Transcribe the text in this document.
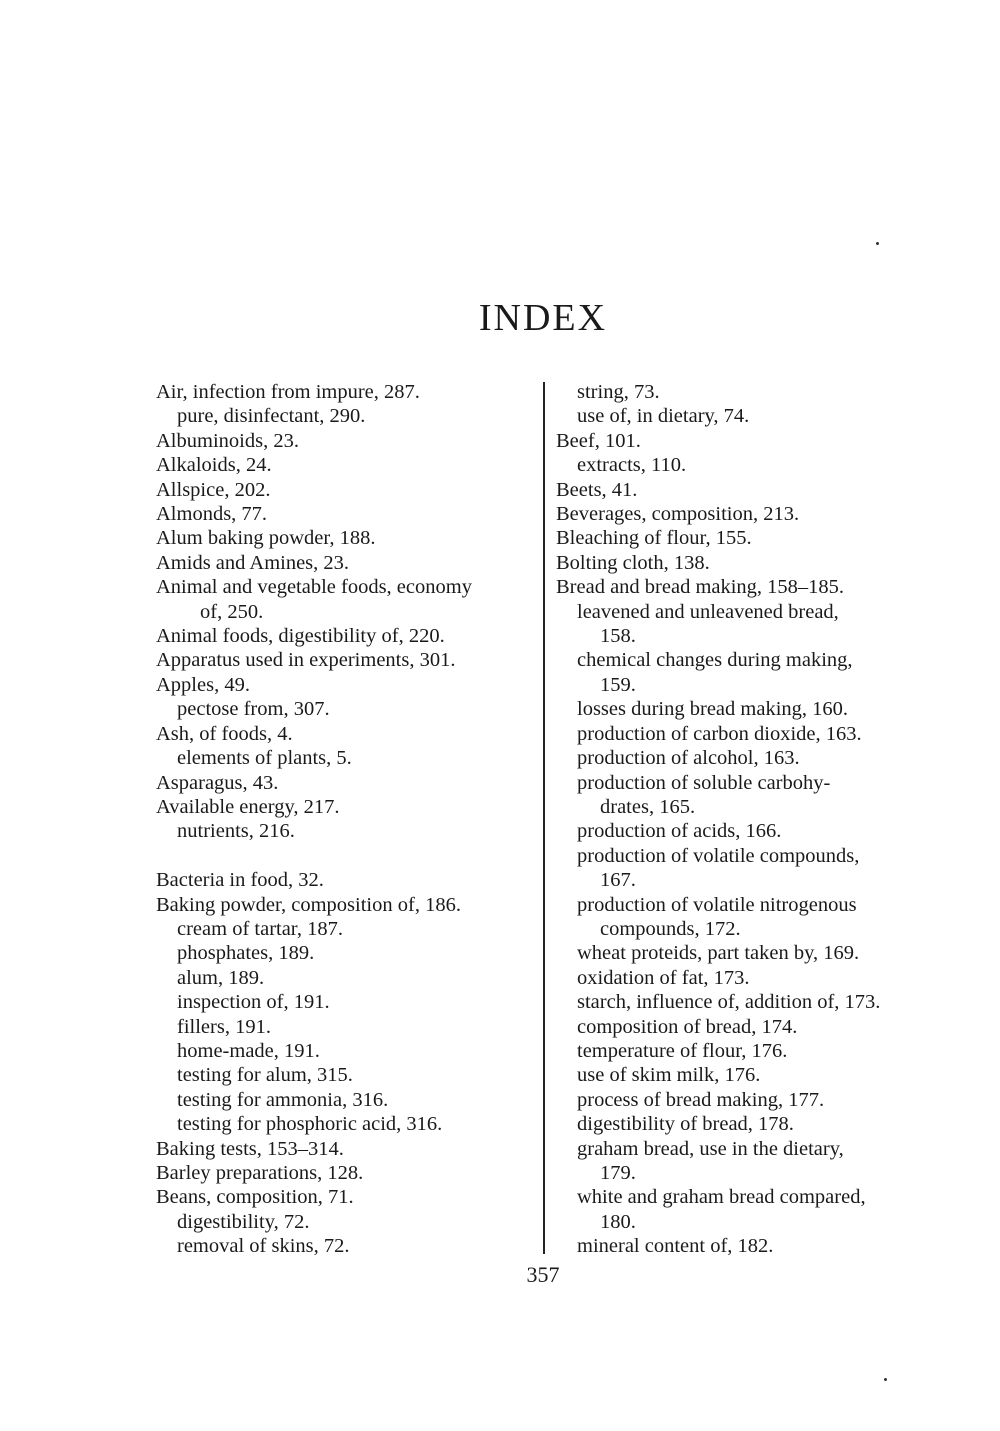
INDEX
Air, infection from impure, 287.
pure, disinfectant, 290.
Albuminoids, 23.
Alkaloids, 24.
Allspice, 202.
Almonds, 77.
Alum baking powder, 188.
Amids and Amines, 23.
Animal and vegetable foods, economy
of, 250.
Animal foods, digestibility of, 220.
Apparatus used in experiments, 301.
Apples, 49.
pectose from, 307.
Ash, of foods, 4.
elements of plants, 5.
Asparagus, 43.
Available energy, 217.
nutrients, 216.
Bacteria in food, 32.
Baking powder, composition of, 186.
cream of tartar, 187.
phosphates, 189.
alum, 189.
inspection of, 191.
fillers, 191.
home-made, 191.
testing for alum, 315.
testing for ammonia, 316.
testing for phosphoric acid, 316.
Baking tests, 153–314.
Barley preparations, 128.
Beans, composition, 71.
digestibility, 72.
removal of skins, 72.
string, 73.
use of, in dietary, 74.
Beef, 101.
extracts, 110.
Beets, 41.
Beverages, composition, 213.
Bleaching of flour, 155.
Bolting cloth, 138.
Bread and bread making, 158–185.
leavened and unleavened bread,
158.
chemical changes during making,
159.
losses during bread making, 160.
production of carbon dioxide, 163.
production of alcohol, 163.
production of soluble carbohy-
drates, 165.
production of acids, 166.
production of volatile compounds,
167.
production of volatile nitrogenous
compounds, 172.
wheat proteids, part taken by, 169.
oxidation of fat, 173.
starch, influence of, addition of, 173.
composition of bread, 174.
temperature of flour, 176.
use of skim milk, 176.
process of bread making, 177.
digestibility of bread, 178.
graham bread, use in the dietary,
179.
white and graham bread compared,
180.
mineral content of, 182.
357
